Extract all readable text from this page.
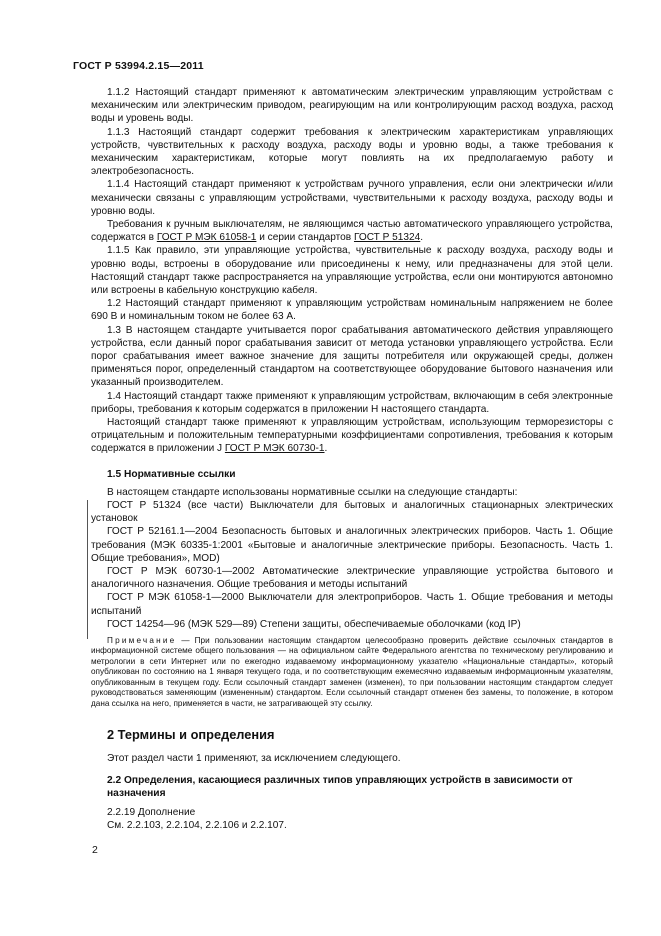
ГОСТ Р 53994.2.15—2011

1.1.2 Настоящий стандарт применяют к автоматическим электрическим управляющим устройствам с механическим или электрическим приводом, реагирующим на или контролирующим расход воздуха, расход воды и уровень воды.

1.1.3 Настоящий стандарт содержит требования к электрическим характеристикам управляющих устройств, чувствительных к расходу воздуха, расходу воды и уровню воды, а также требования к механическим характеристикам, которые могут повлиять на их предполагаемую работу и электробезопасность.

1.1.4 Настоящий стандарт применяют к устройствам ручного управления, если они электрически и/или механически связаны с управляющим устройствами, чувствительными к расходу воздуха, расходу воды и уровню воды.

Требования к ручным выключателям, не являющимся частью автоматического управляющего устройства, содержатся в ГОСТ Р МЭК 61058-1 и серии стандартов ГОСТ Р 51324.

1.1.5 Как правило, эти управляющие устройства, чувствительные к расходу воздуха, расходу воды и уровню воды, встроены в оборудование или присоединены к нему, или предназначены для этой цели. Настоящий стандарт также распространяется на управляющие устройства, если они монтируются автономно или встроены в кабельную конструкцию кабеля.

1.2 Настоящий стандарт применяют к управляющим устройствам номинальным напряжением не более 690 В и номинальным током не более 63 А.

1.3 В настоящем стандарте учитывается порог срабатывания автоматического действия управляющего устройства, если данный порог срабатывания зависит от метода установки управляющего устройства. Если порог срабатывания имеет важное значение для защиты потребителя или окружающей среды, должен применяться порог, определенный стандартом на соответствующее оборудование бытового назначения или указанный производителем.

1.4 Настоящий стандарт также применяют к управляющим устройствам, включающим в себя электронные приборы, требования к которым содержатся в приложении Н настоящего стандарта.

Настоящий стандарт также применяют к управляющим устройствам, использующим терморезисторы с отрицательным и положительным температурными коэффициентами сопротивления, требования к которым содержатся в приложении J ГОСТ Р МЭК 60730-1.

1.5 Нормативные ссылки

В настоящем стандарте использованы нормативные ссылки на следующие стандарты:

ГОСТ Р 51324 (все части) Выключатели для бытовых и аналогичных стационарных электрических установок

ГОСТ Р 52161.1—2004 Безопасность бытовых и аналогичных электрических приборов. Часть 1. Общие требования (МЭК 60335-1:2001 «Бытовые и аналогичные электрические приборы. Безопасность. Часть 1. Общие требования», MOD)

ГОСТ Р МЭК 60730-1—2002 Автоматические электрические управляющие устройства бытового и аналогичного назначения. Общие требования и методы испытаний

ГОСТ Р МЭК 61058-1—2000 Выключатели для электроприборов. Часть 1. Общие требования и методы испытаний

ГОСТ 14254—96 (МЭК 529—89) Степени защиты, обеспечиваемые оболочками (код IP)

Примечание — При пользовании настоящим стандартом целесообразно проверить действие ссылочных стандартов в информационной системе общего пользования — на официальном сайте Федерального агентства по техническому регулированию и метрологии в сети Интернет или по ежегодно издаваемому информационному указателю «Национальные стандарты», который опубликован по состоянию на 1 января текущего года, и по соответствующим ежемесячно издаваемым информационным указателям, опубликованным в текущем году. Если ссылочный стандарт заменен (изменен), то при пользовании настоящим стандартом следует руководствоваться заменяющим (измененным) стандартом. Если ссылочный стандарт отменен без замены, то положение, в котором дана ссылка на него, применяется в части, не затрагивающей эту ссылку.
2 Термины и определения

Этот раздел части 1 применяют, за исключением следующего.

2.2 Определения, касающиеся различных типов управляющих устройств в зависимости от назначения

2.2.19 Дополнение

См. 2.2.103, 2.2.104, 2.2.106 и 2.2.107.

2
